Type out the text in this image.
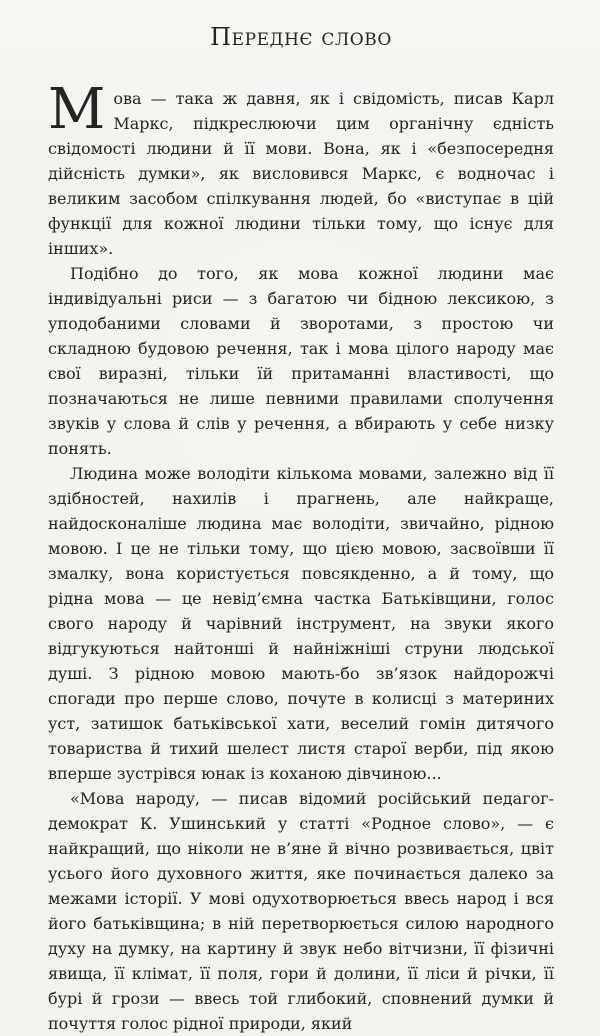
Переднє слово

Мова — така ж давня, як і свідомість, писав Карл Маркс, підкреслюючи цим органічну єдність свідомості людини й її мови. Вона, як і «безпосередня дійсність думки», як висловився Маркс, є водночас і великим засобом спілкування людей, бо «виступає в цій функції для кожної людини тільки тому, що існує для інших».

Подібно до того, як мова кожної людини має індивідуальні риси — з багатою чи бідною лексикою, з уподобаними словами й зворотами, з простою чи складною будовою речення, так і мова цілого народу має свої виразні, тільки їй притаманні властивості, що позначаються не лише певними правилами сполучення звуків у слова й слів у речення, а вбирають у себе низку понять.

Людина може володіти кількома мовами, залежно від її здібностей, нахилів і прагнень, але найкраще, найдосконаліше людина має володіти, звичайно, рідною мовою. І це не тільки тому, що цією мовою, засвоївши її змалку, вона користується повсякденно, а й тому, що рідна мова — це невід’ємна частка Батьківщини, голос свого народу й чарівний інструмент, на звуки якого відгукуються найтонші й найніжніші струни людської душі. З рідною мовою мають-бо зв’язок найдорожчі спогади про перше слово, почуте в колисці з материних уст, затишок батьківської хати, веселий гомін дитячого товариства й тихий шелест листя старої верби, під якою вперше зустрівся юнак із коханою дівчиною...

«Мова народу, — писав відомий російський педагог-демократ К. Ушинський у статті «Родное слово», — є найкращий, що ніколи не в’яне й вічно розвивається, цвіт усього його духовного життя, яке починається далеко за межами історії. У мові одухотворюється ввесь народ і вся його батьківщина; в ній перетворюється силою народного духу на думку, на картину й звук небо вітчизни, її фізичні явища, її клімат, її поля, гори й долини, її ліси й річки, її бурі й грози — ввесь той глибокий, сповнений думки й почуття голос рідної природи, який
